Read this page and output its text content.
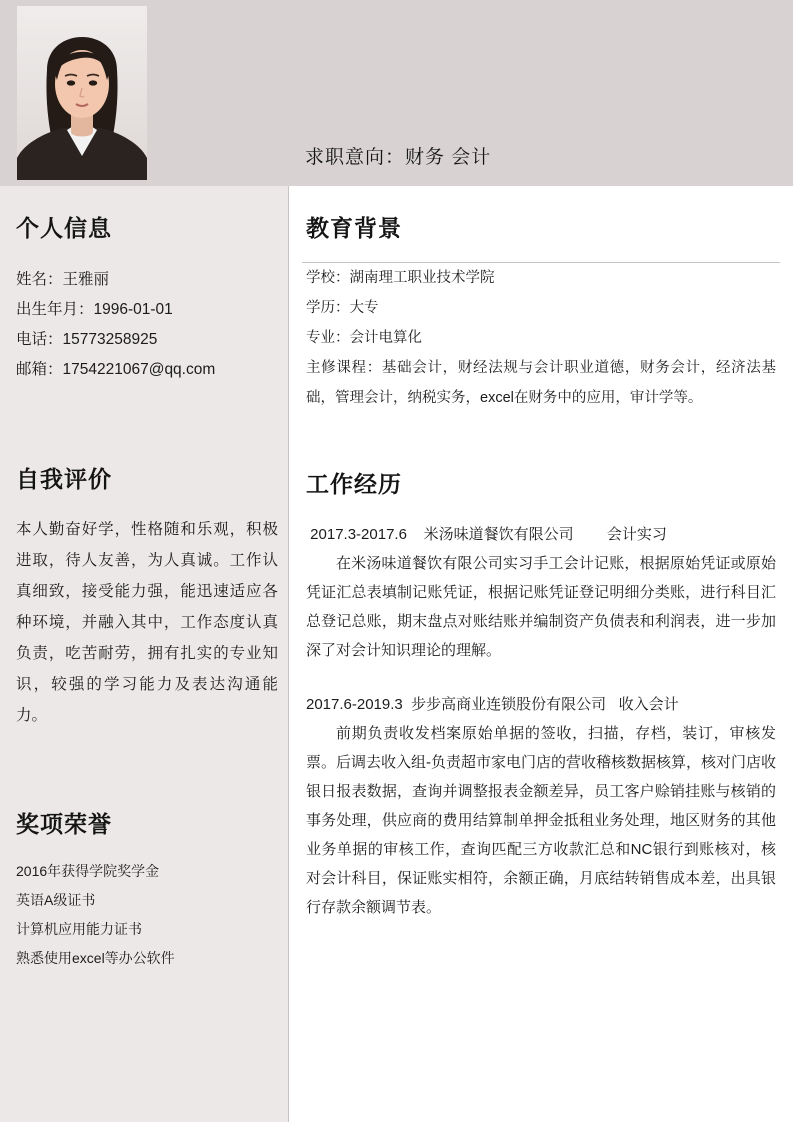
求职意向：财务 会计
个人信息
姓名：王雅丽
出生年月：1996-01-01
电话：15773258925
邮箱：1754221067@qq.com
自我评价
本人勤奋好学，性格随和乐观，积极进取，待人友善，为人真诚。工作认真细致，接受能力强，能迅速适应各种环境，并融入其中，工作态度认真负责，吃苦耐劳，拥有扎实的专业知识，较强的学习能力及表达沟通能力。
奖项荣誉
2016年获得学院奖学金
英语A级证书
计算机应用能力证书
熟悉使用excel等办公软件
教育背景
学校：湖南理工职业技术学院
学历：大专
专业：会计电算化
主修课程：基础会计，财经法规与会计职业道德，财务会计，经济法基础，管理会计，纳税实务，excel在财务中的应用，审计学等。
工作经历
2017.3-2017.6    米汤味道餐饮有限公司        会计实习
在米汤味道餐饮有限公司实习手工会计记账，根据原始凭证或原始凭证汇总表填制记账凭证，根据记账凭证登记明细分类账，进行科目汇总登记总账，期末盘点对账结账并编制资产负债表和利润表，进一步加深了对会计知识理论的理解。
2017.6-2019.3  步步高商业连锁股份有限公司   收入会计
前期负责收发档案原始单据的签收，扫描，存档，装订，审核发票。后调去收入组-负责超市家电门店的营收稽核数据核算，核对门店收银日报表数据，查询并调整报表金额差异，员工客户赊销挂账与核销的事务处理，供应商的费用结算制单押金抵租业务处理，地区财务的其他业务单据的审核工作，查询匹配三方收款汇总和NC银行到账核对，核对会计科目，保证账实相符，余额正确，月底结转销售成本差，出具银行存款余额调节表。
